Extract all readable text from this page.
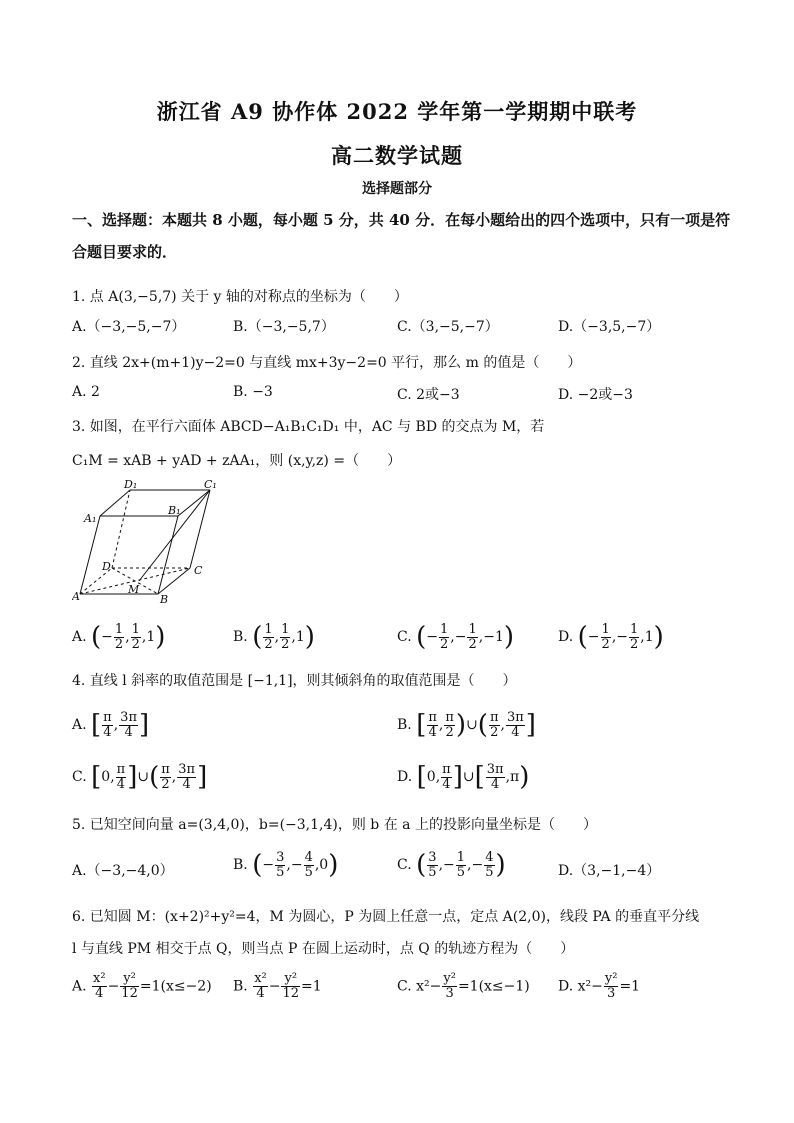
浙江省 A9 协作体 2022 学年第一学期期中联考
高二数学试题
选择题部分
一、选择题：本题共 8 小题，每小题 5 分，共 40 分．在每小题给出的四个选项中，只有一项是符合题目要求的．
1. 点 A(3,−5,7) 关于 y 轴的对称点的坐标为（　　）
A.（−3,−5,−7）	B.（−3,−5,7）	C.（3,−5,−7）	D.（−3,5,−7）
2. 直线 2x+(m+1)y−2=0 与直线 mx+3y−2=0 平行，那么 m 的值是（　　）
A. 2	B. −3	C. 2或−3	D. −2或−3
3. 如图，在平行六面体 ABCD−A₁B₁C₁D₁ 中，AC 与 BD 的交点为 M，若
C₁M = xAB + yAD + zAA₁，则 (x,y,z) =（　　）
A	B
C
D
M
A₁
B₁
C₁
D₁
A. (− $\frac{1}{2}$ , $\frac{1}{2} ,1$)	B. ( $\frac{1}{2}$ , $\frac{1}{2} ,1$)	C. (− $\frac{1}{2}$ ,− $\frac{1}{2} ,-1$)	D. (− $\frac{1}{2}$ ,− $\frac{1}{2} ,1$)
4. 直线 l 斜率的取值范围是 [−1,1]，则其倾斜角的取值范围是（　　）
A. [ $\frac{\pi}{4}$ , $\frac{3\pi}{4}$ ]	B. [ $\frac{\pi}{4}$ , $\frac{\pi}{2}$ )∪( $\frac{\pi}{2}$ , $\frac{3\pi}{4}$ ]
C. [0, $\frac{\pi}{4}$ ]∪( $\frac{\pi}{2}$ , $\frac{3\pi}{4}$ ]	D. [0, $\frac{\pi}{4}$ ]∪[ $\frac{3\pi}{4} ,\pi$)
5. 已知空间向量 a=(3,4,0)，b=(−3,1,4)，则 b 在 a 上的投影向量坐标是（　　）
A.（−3,−4,0）	B. (− $\frac{3}{5}$ ,− $\frac{4}{5} ,0$)	C. ( $\frac{3}{5}$ ,− $\frac{1}{5}$ ,− $\frac{4}{5}$ )	D.（3,−1,−4）
6. 已知圆 M：(x+2)²+y²=4，M 为圆心，P 为圆上任意一点，定点 A(2,0)，线段 PA 的垂直平分线
l 与直线 PM 相交于点 Q，则当点 P 在圆上运动时，点 Q 的轨迹方程为（　　）
A. $\frac{\text{x²}}{4} - \frac{\text{y²}}{12} =1(x\le-2)$ B. $\frac{\text{x²}}{4} - \frac{\text{y²}}{12} =1$	C. $x^2- \frac{\text{y²}}{3} =1(x\le-1)$ D. $x^2- \frac{\text{y²}}{3} =1$
